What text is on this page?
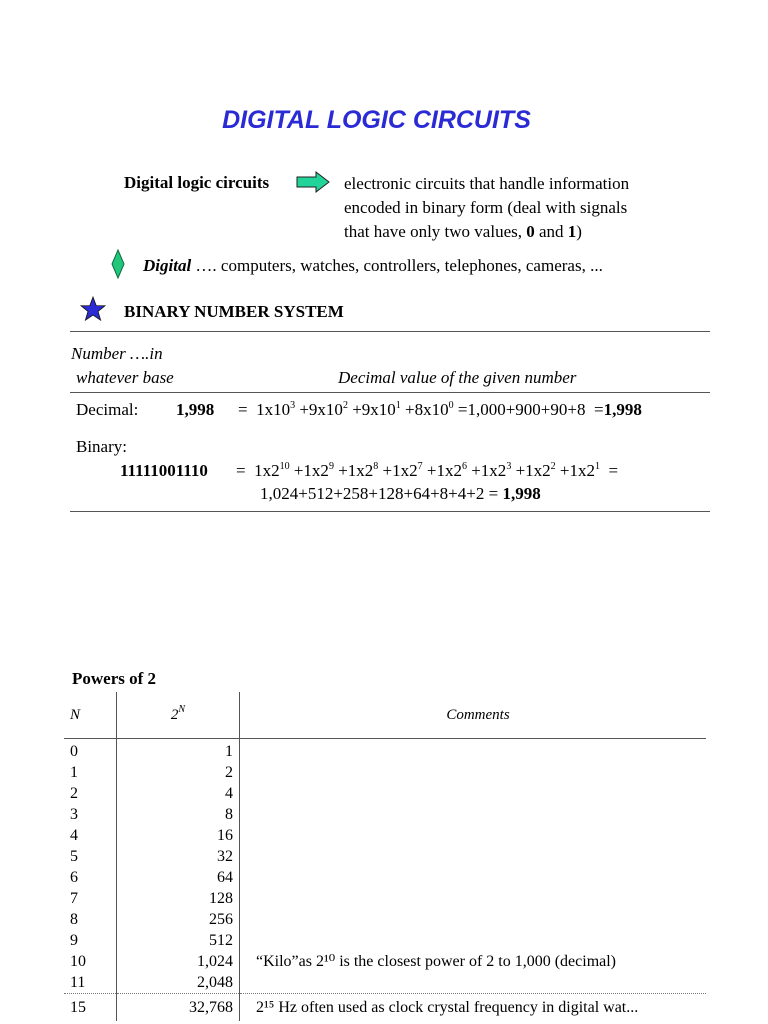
DIGITAL LOGIC CIRCUITS
Digital logic circuits	electronic circuits that handle information
encoded in binary form (deal with signals
that have only two values, 0 and 1)
Digital …. computers, watches, controllers, telephones, cameras, ...
BINARY NUMBER SYSTEM
Number ….in
whatever base	Decimal value of the given number
Decimal: $1,998 = 1x10^3 +9x10^2 +9x10^1 +8x10^0 =1,000+900+90+8 =1,998$
Binary:
$11111001110 = 1x2^{10} +1x2^9 +1x2^8 +1x2^7 +1x2^6 +1x2^3 +1x2^2 +1x2^1$  =
1,024+512+258+128+64+8+4+2 = 1,998
Powers of 2
N	$2^N$	Comments
0	1	
1	2	
2	4	
3	8	
4	16	
5	32	
6	64	
7	128	
8	256	
9	512	
10	1,024	“Kilo”as 2¹⁰ is the closest power of 2 to 1,000 (decimal)
11	2,048	
15	32,768	2¹⁵ Hz often used as clock crystal frequency in digital wat...
